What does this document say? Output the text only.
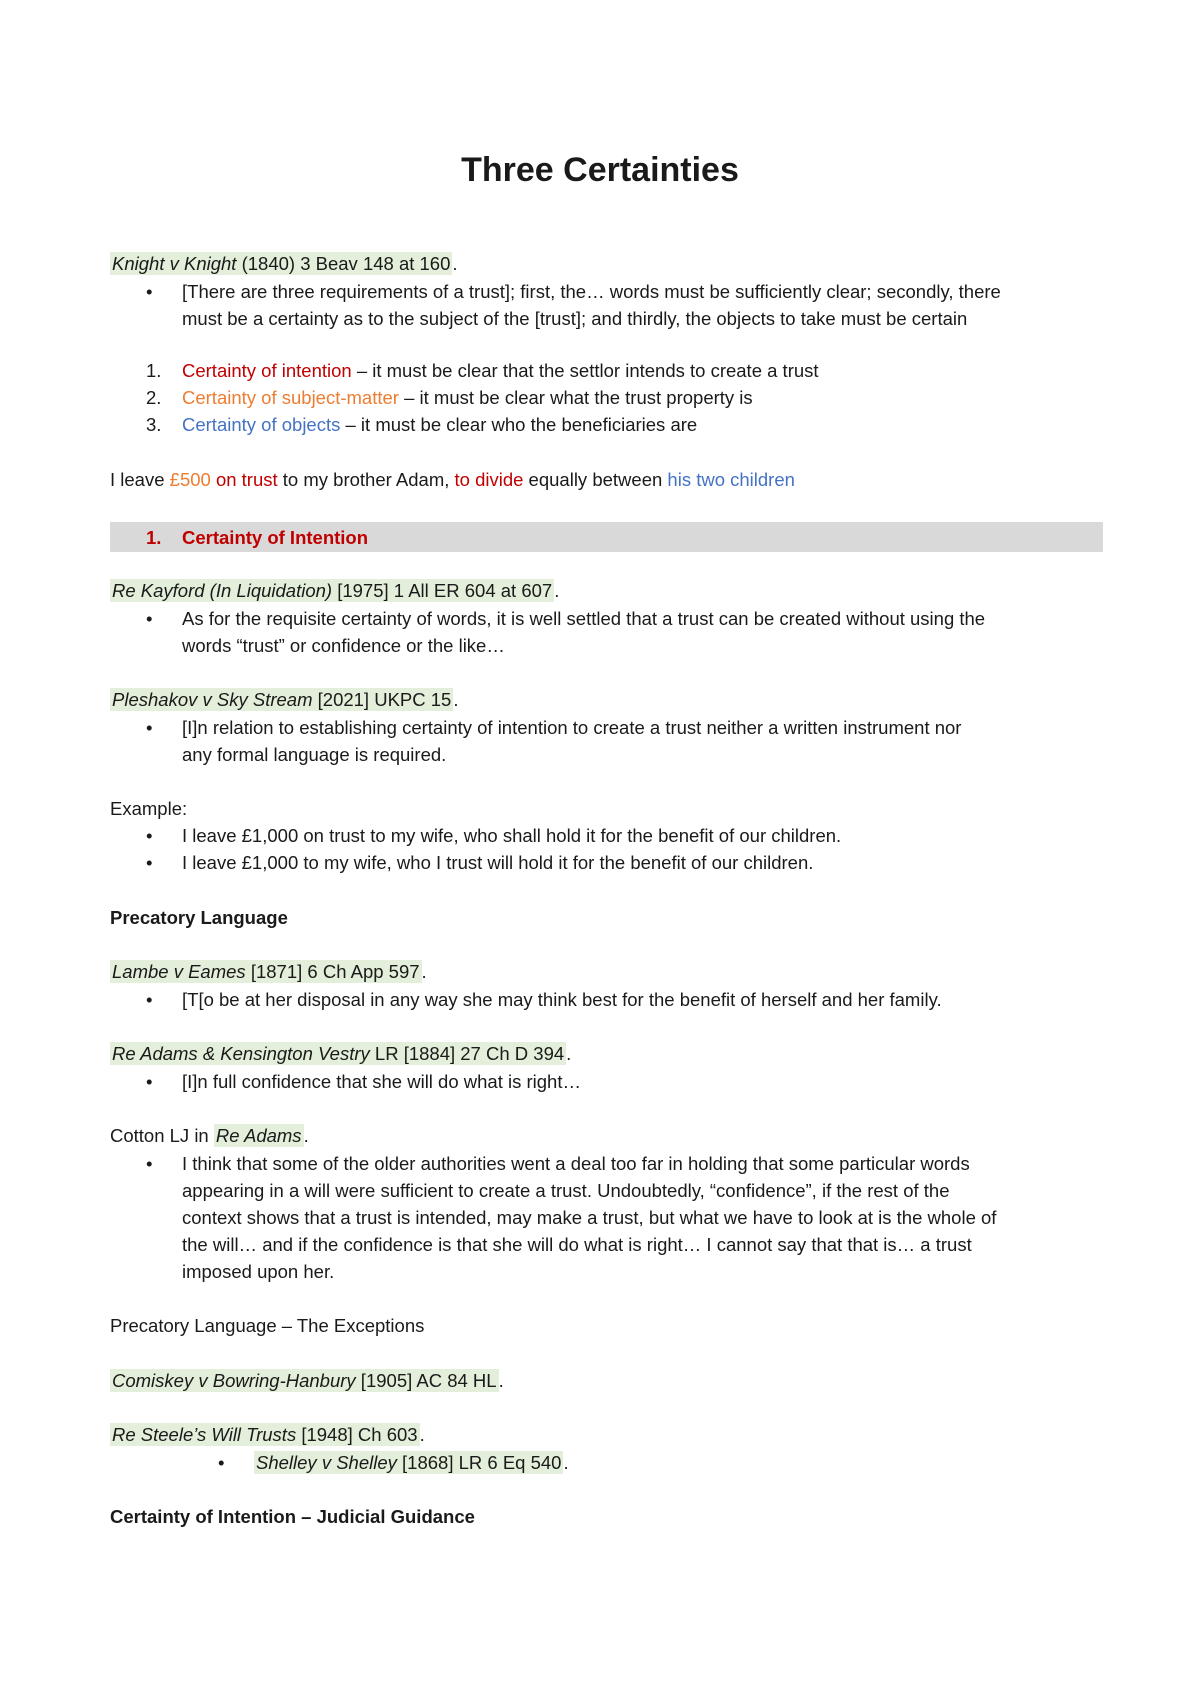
Three Certainties
Knight v Knight (1840) 3 Beav 148 at 160 .
• [There are three requirements of a trust]; first, the… words must be sufficiently clear; secondly, there
must be a certainty as to the subject of the [trust]; and thirdly, the objects to take must be certain
1. Certainty of intention – it must be clear that the settlor intends to create a trust
2. Certainty of subject-matter – it must be clear what the trust property is
3. Certainty of objects – it must be clear who the beneficiaries are
I leave £500 on trust to my brother Adam, to divide equally between his two children
1. Certainty of Intention
Re Kayford (In Liquidation) [1975] 1 All ER 604 at 607 .
• As for the requisite certainty of words, it is well settled that a trust can be created without using the
words “trust” or confidence or the like…
Pleshakov v Sky Stream [2021] UKPC 15 .
• [I]n relation to establishing certainty of intention to create a trust neither a written instrument nor
any formal language is required.
Example:
• I leave £1,000 on trust to my wife, who shall hold it for the benefit of our children.
• I leave £1,000 to my wife, who I trust will hold it for the benefit of our children.
Precatory Language
Lambe v Eames [1871] 6 Ch App 597 .
• [T[o be at her disposal in any way she may think best for the benefit of herself and her family.
Re Adams & Kensington Vestry LR [1884] 27 Ch D 394 .
• [I]n full confidence that she will do what is right…
Cotton LJ in Re Adams .
• I think that some of the older authorities went a deal too far in holding that some particular words
appearing in a will were sufficient to create a trust. Undoubtedly, “confidence”, if the rest of the
context shows that a trust is intended, may make a trust, but what we have to look at is the whole of
the will… and if the confidence is that she will do what is right… I cannot say that that is… a trust
imposed upon her.
Precatory Language – The Exceptions
Comiskey v Bowring-Hanbury [1905] AC 84 HL .
Re Steele’s Will Trusts [1948] Ch 603 .
• Shelley v Shelley [1868] LR 6 Eq 540 .
Certainty of Intention – Judicial Guidance
